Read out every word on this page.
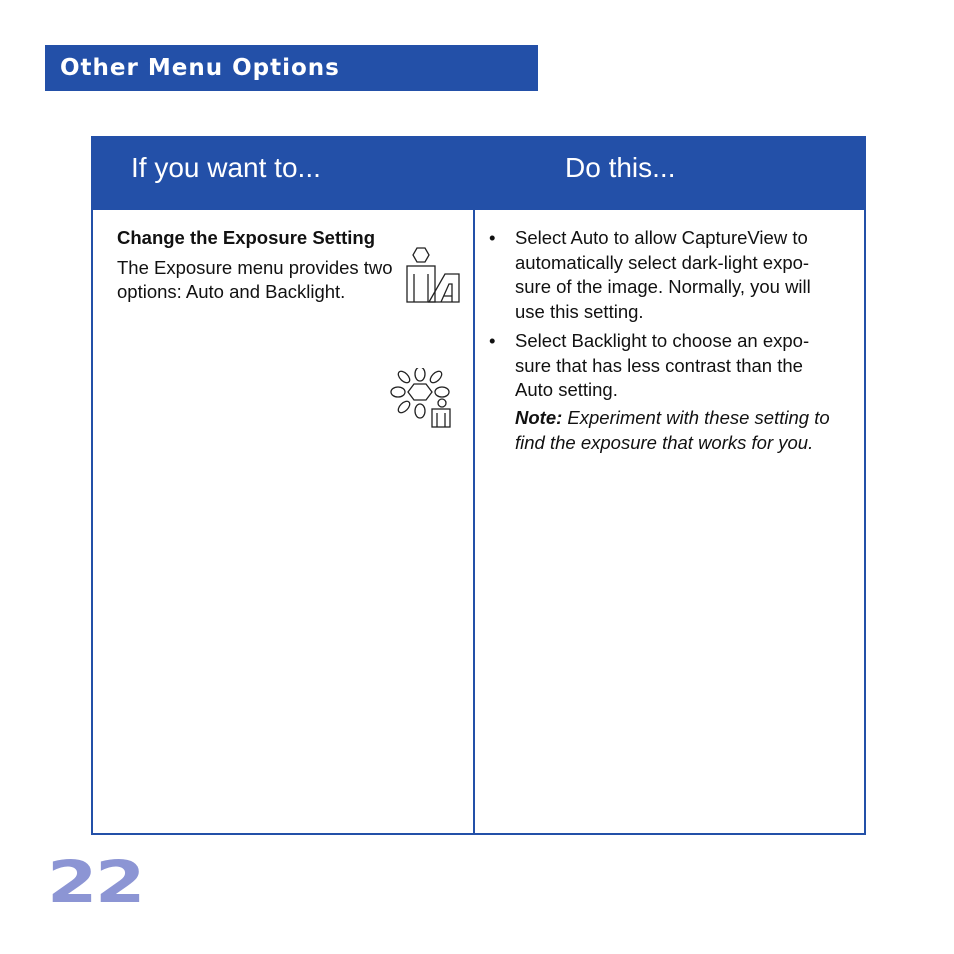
Other Menu Options
If you want to...

Change the Exposure Setting

The Exposure menu provides two options: Auto and Backlight.

Do this...
• Select Auto to allow CaptureView to automatically select dark-light expo-sure of the image. Normally, you will use this setting.
• Select Backlight to choose an expo-sure that has less contrast than the Auto setting.

Note: Experiment with these setting to find the exposure that works for you.

22
